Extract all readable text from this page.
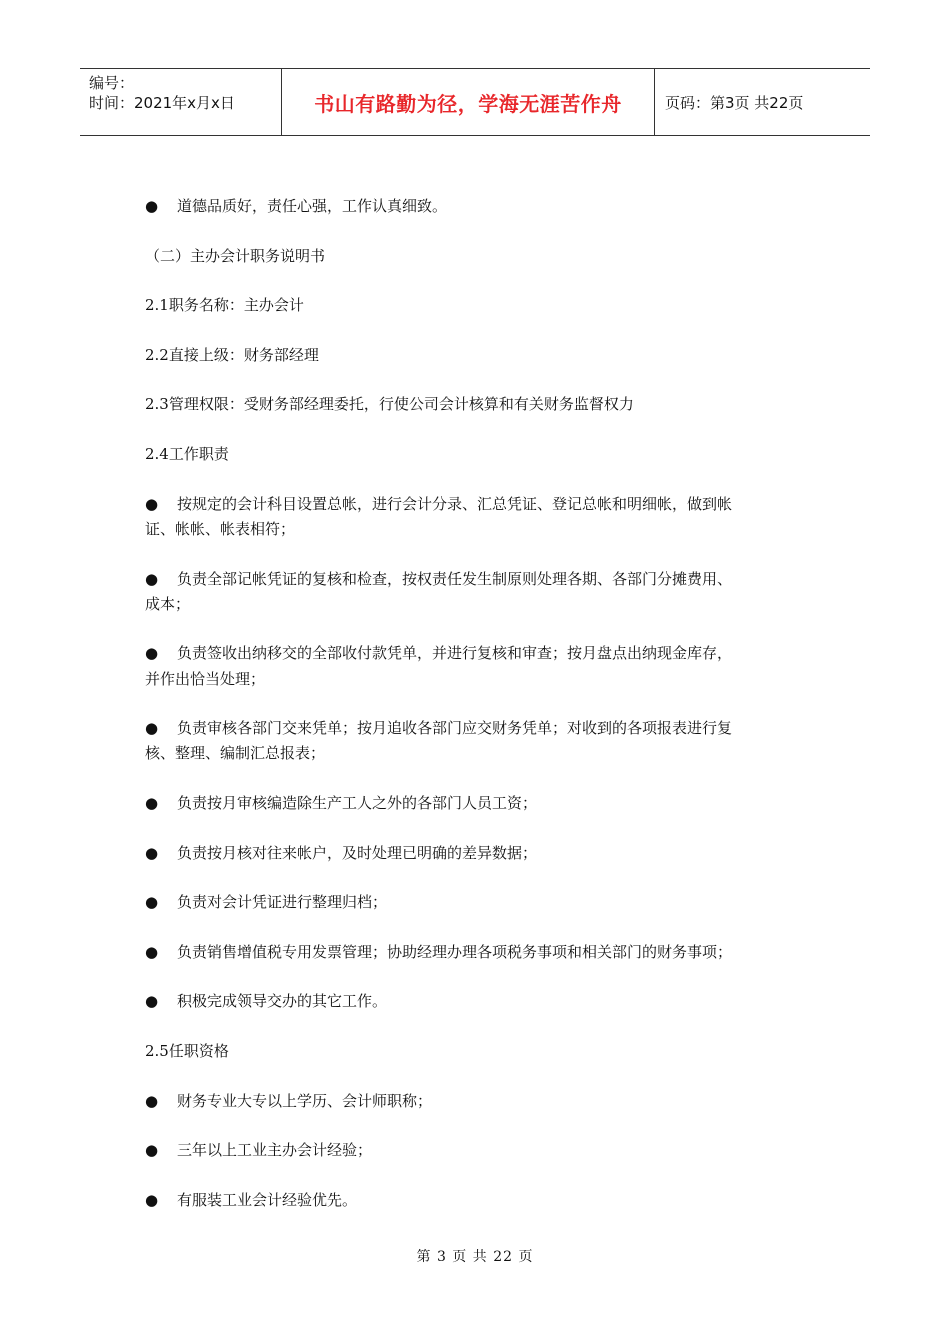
编号：
时间：2021年x月x日	书山有路勤为径，学海无涯苦作舟	页码：第3页 共22页
● 道德品质好，责任心强，工作认真细致。
（二）主办会计职务说明书
2.1职务名称：主办会计
2.2直接上级：财务部经理
2.3管理权限：受财务部经理委托，行使公司会计核算和有关财务监督权力
2.4工作职责
● 按规定的会计科目设置总帐，进行会计分录、汇总凭证、登记总帐和明细帐，做到帐
证、帐帐、帐表相符；
● 负责全部记帐凭证的复核和检查，按权责任发生制原则处理各期、各部门分摊费用、
成本；
● 负责签收出纳移交的全部收付款凭单，并进行复核和审查；按月盘点出纳现金库存，
并作出恰当处理；
● 负责审核各部门交来凭单；按月追收各部门应交财务凭单；对收到的各项报表进行复
核、整理、编制汇总报表；
● 负责按月审核编造除生产工人之外的各部门人员工资；
● 负责按月核对往来帐户，及时处理已明确的差异数据；
● 负责对会计凭证进行整理归档；
● 负责销售增值税专用发票管理；协助经理办理各项税务事项和相关部门的财务事项；
● 积极完成领导交办的其它工作。
2.5任职资格
● 财务专业大专以上学历、会计师职称；
● 三年以上工业主办会计经验；
● 有服装工业会计经验优先。
第 3 页 共 22 页
